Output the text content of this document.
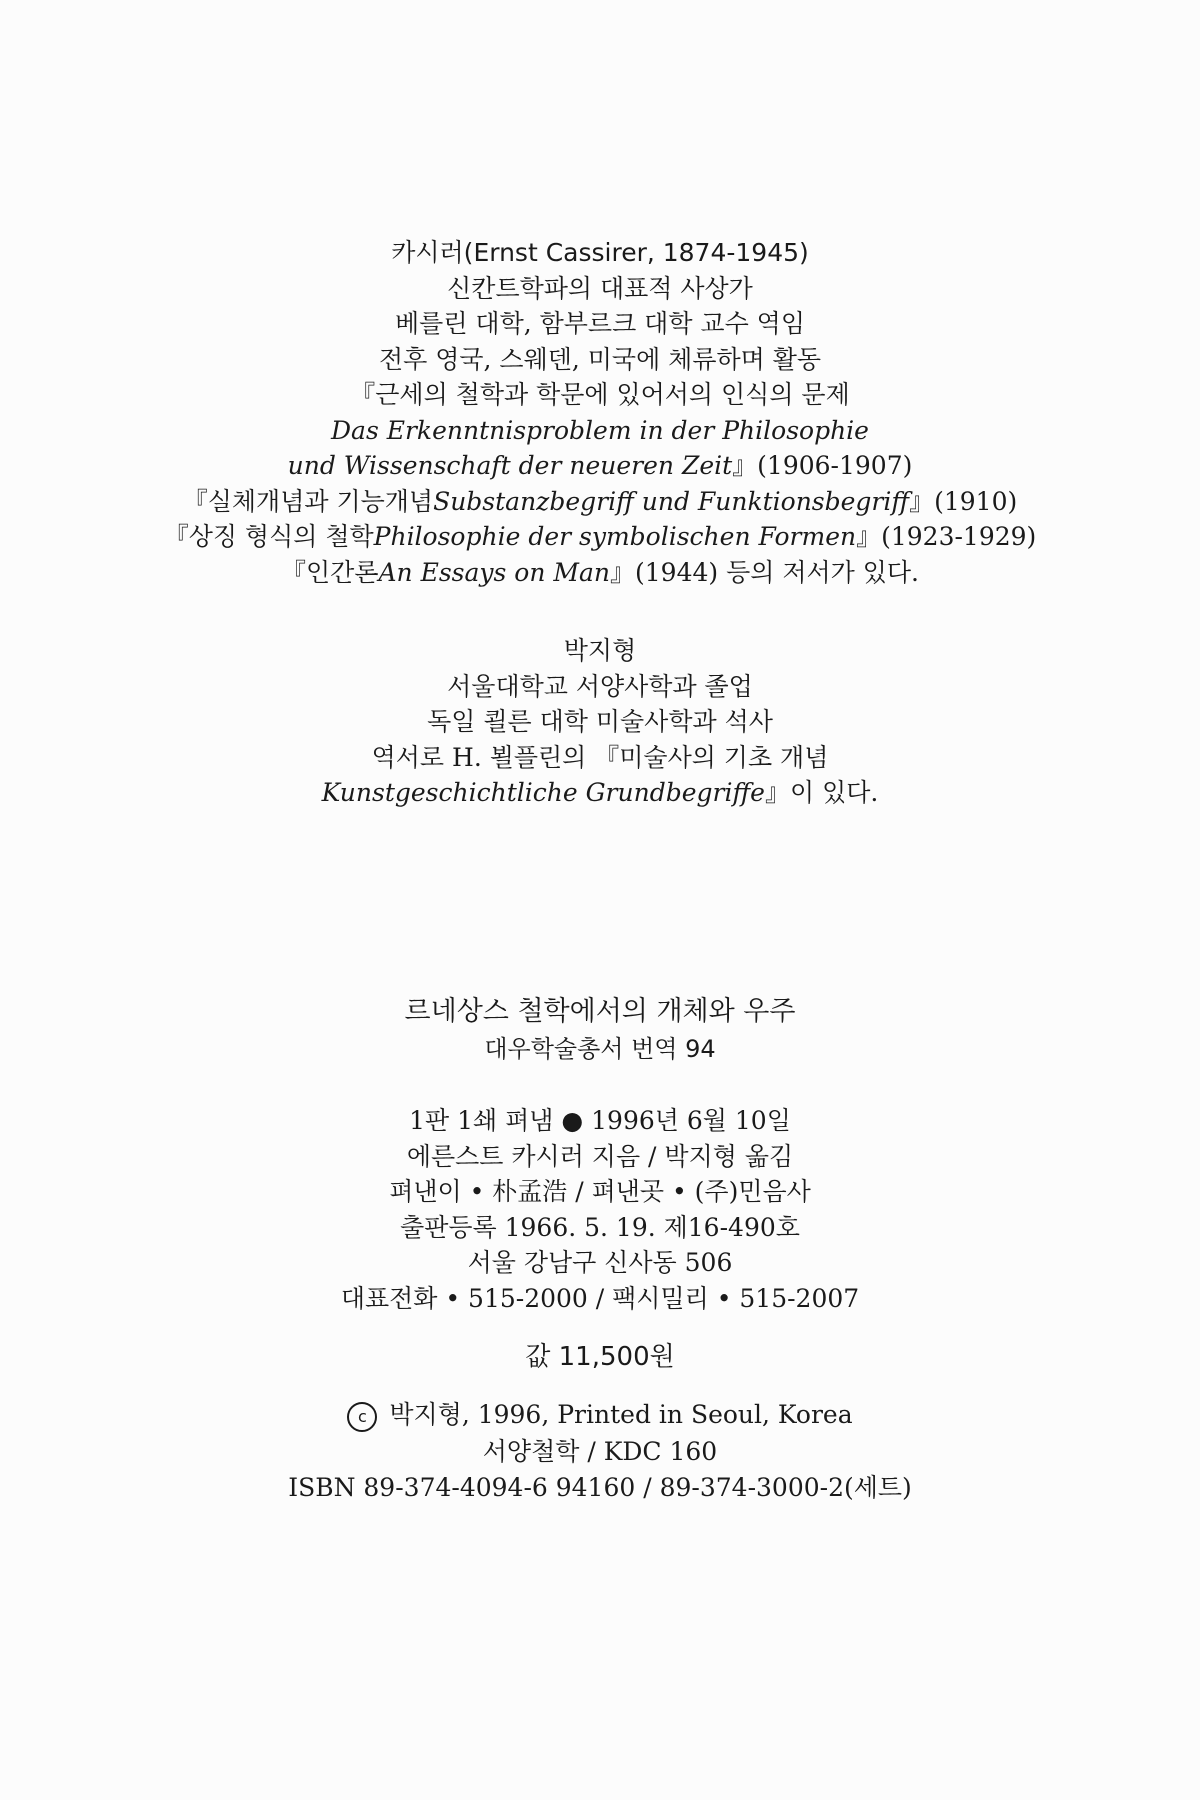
카시러(Ernst Cassirer, 1874-1945)
신칸트학파의 대표적 사상가
베를린 대학, 함부르크 대학 교수 역임
전후 영국, 스웨덴, 미국에 체류하며 활동
『근세의 철학과 학문에 있어서의 인식의 문제
Das Erkenntnisproblem in der Philosophie
und Wissenschaft der neueren Zeit』(1906-1907)
『실체개념과 기능개념Substanzbegriff und Funktionsbegriff』(1910)
『상징 형식의 철학Philosophie der symbolischen Formen』(1923-1929)
『인간론An Essays on Man』(1944) 등의 저서가 있다.
박지형
서울대학교 서양사학과 졸업
독일 쾰른 대학 미술사학과 석사
역서로 H. 뵐플린의 『미술사의 기초 개념
Kunstgeschichtliche Grundbegriffe』이 있다.
르네상스 철학에서의 개체와 우주
대우학술총서 번역 94
1판 1쇄 펴냄 ● 1996년 6월 10일
에른스트 카시러 지음 / 박지형 옮김
펴낸이 • 朴孟浩 / 펴낸곳 • (주)민음사
출판등록 1966. 5. 19. 제16-490호
서울 강남구 신사동 506
대표전화 • 515-2000 / 팩시밀리 • 515-2007
값 11,500원
c 박지형, 1996, Printed in Seoul, Korea
서양철학 / KDC 160
ISBN 89-374-4094-6 94160 / 89-374-3000-2(세트)
